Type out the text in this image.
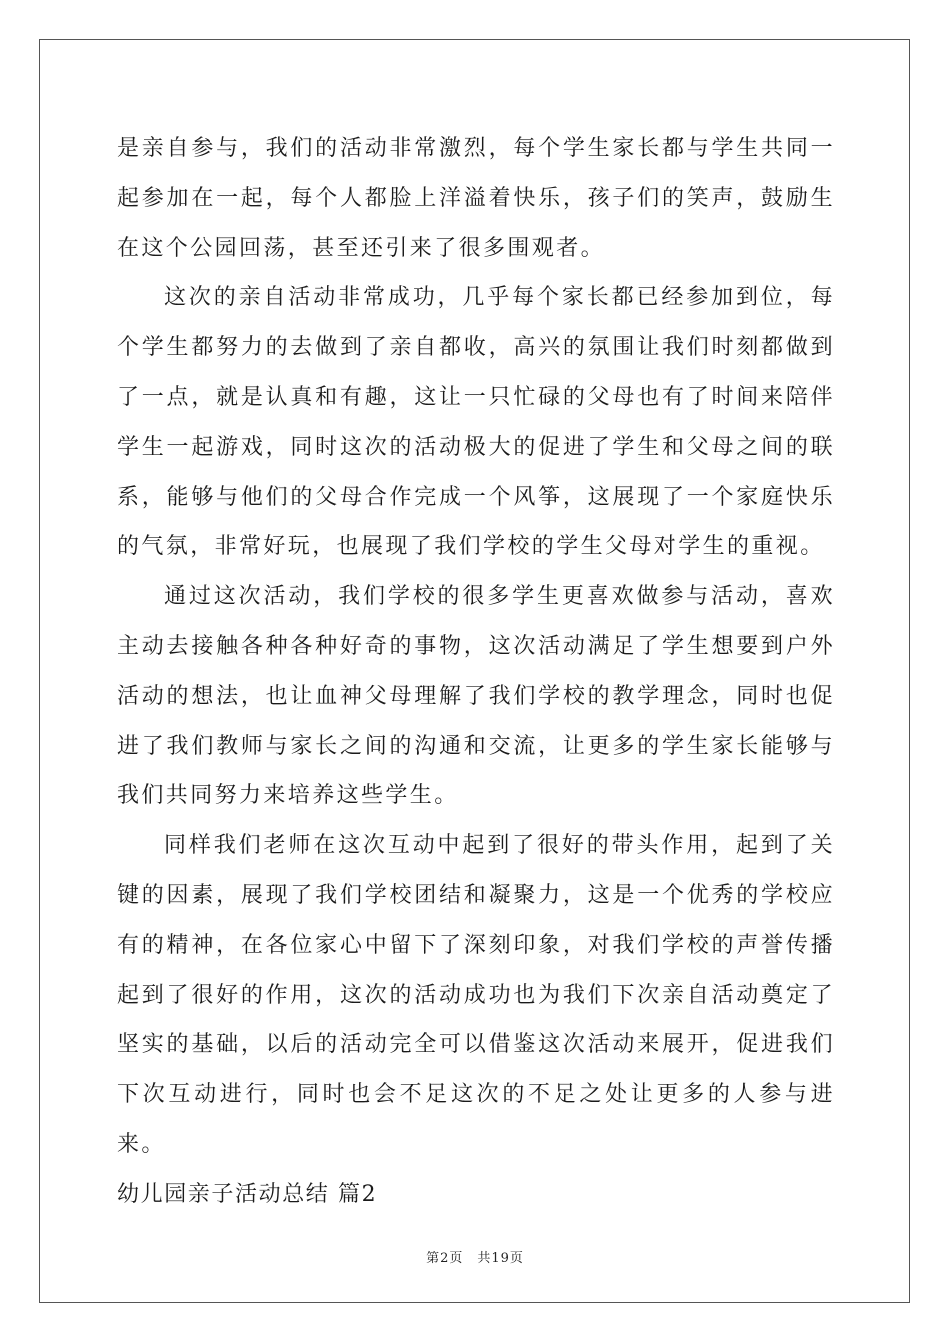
是亲自参与，我们的活动非常激烈，每个学生家长都与学生共同一起参加在一起，每个人都脸上洋溢着快乐，孩子们的笑声，鼓励生在这个公园回荡，甚至还引来了很多围观者。

这次的亲自活动非常成功，几乎每个家长都已经参加到位，每个学生都努力的去做到了亲自都收，高兴的氛围让我们时刻都做到了一点，就是认真和有趣，这让一只忙碌的父母也有了时间来陪伴学生一起游戏，同时这次的活动极大的促进了学生和父母之间的联系，能够与他们的父母合作完成一个风筝，这展现了一个家庭快乐的气氛，非常好玩，也展现了我们学校的学生父母对学生的重视。

通过这次活动，我们学校的很多学生更喜欢做参与活动，喜欢主动去接触各种各种好奇的事物，这次活动满足了学生想要到户外活动的想法，也让血神父母理解了我们学校的教学理念，同时也促进了我们教师与家长之间的沟通和交流，让更多的学生家长能够与我们共同努力来培养这些学生。

同样我们老师在这次互动中起到了很好的带头作用，起到了关键的因素，展现了我们学校团结和凝聚力，这是一个优秀的学校应有的精神，在各位家心中留下了深刻印象，对我们学校的声誉传播起到了很好的作用，这次的活动成功也为我们下次亲自活动奠定了坚实的基础，以后的活动完全可以借鉴这次活动来展开，促进我们下次互动进行，同时也会不足这次的不足之处让更多的人参与进来。

幼儿园亲子活动总结 篇2

第2页 共19页
